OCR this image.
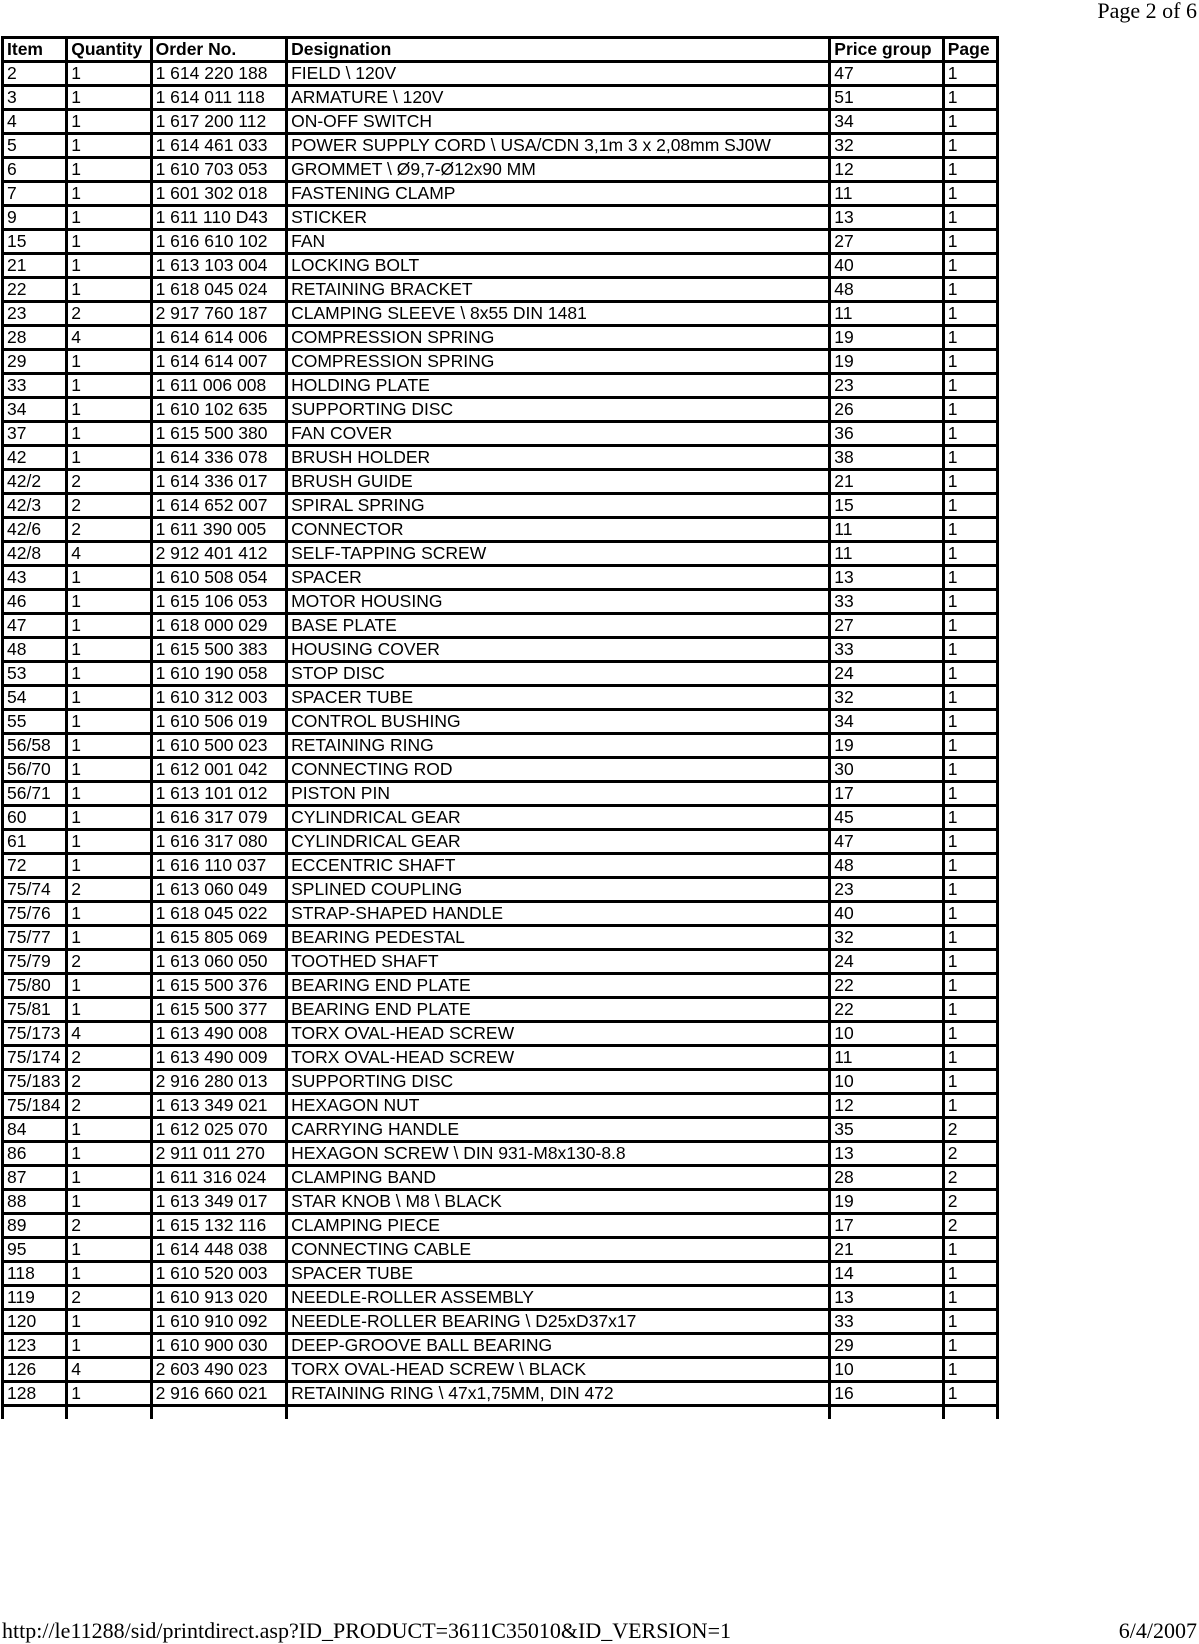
Page 2 of 6
Item	Quantity	Order No.	Designation	Price group	Page
2	1	1 614 220 188	FIELD \ 120V	47	1
3	1	1 614 011 118	ARMATURE \ 120V	51	1
4	1	1 617 200 112	ON-OFF SWITCH	34	1
5	1	1 614 461 033	POWER SUPPLY CORD \ USA/CDN 3,1m 3 x 2,08mm SJ0W	32	1
6	1	1 610 703 053	GROMMET \ Ø9,7-Ø12x90 MM	12	1
7	1	1 601 302 018	FASTENING CLAMP	11	1
9	1	1 611 110 D43	STICKER	13	1
15	1	1 616 610 102	FAN	27	1
21	1	1 613 103 004	LOCKING BOLT	40	1
22	1	1 618 045 024	RETAINING BRACKET	48	1
23	2	2 917 760 187	CLAMPING SLEEVE \ 8x55 DIN 1481	11	1
28	4	1 614 614 006	COMPRESSION SPRING	19	1
29	1	1 614 614 007	COMPRESSION SPRING	19	1
33	1	1 611 006 008	HOLDING PLATE	23	1
34	1	1 610 102 635	SUPPORTING DISC	26	1
37	1	1 615 500 380	FAN COVER	36	1
42	1	1 614 336 078	BRUSH HOLDER	38	1
42/2	2	1 614 336 017	BRUSH GUIDE	21	1
42/3	2	1 614 652 007	SPIRAL SPRING	15	1
42/6	2	1 611 390 005	CONNECTOR	11	1
42/8	4	2 912 401 412	SELF-TAPPING SCREW	11	1
43	1	1 610 508 054	SPACER	13	1
46	1	1 615 106 053	MOTOR HOUSING	33	1
47	1	1 618 000 029	BASE PLATE	27	1
48	1	1 615 500 383	HOUSING COVER	33	1
53	1	1 610 190 058	STOP DISC	24	1
54	1	1 610 312 003	SPACER TUBE	32	1
55	1	1 610 506 019	CONTROL BUSHING	34	1
56/58	1	1 610 500 023	RETAINING RING	19	1
56/70	1	1 612 001 042	CONNECTING ROD	30	1
56/71	1	1 613 101 012	PISTON PIN	17	1
60	1	1 616 317 079	CYLINDRICAL GEAR	45	1
61	1	1 616 317 080	CYLINDRICAL GEAR	47	1
72	1	1 616 110 037	ECCENTRIC SHAFT	48	1
75/74	2	1 613 060 049	SPLINED COUPLING	23	1
75/76	1	1 618 045 022	STRAP-SHAPED HANDLE	40	1
75/77	1	1 615 805 069	BEARING PEDESTAL	32	1
75/79	2	1 613 060 050	TOOTHED SHAFT	24	1
75/80	1	1 615 500 376	BEARING END PLATE	22	1
75/81	1	1 615 500 377	BEARING END PLATE	22	1
75/173	4	1 613 490 008	TORX OVAL-HEAD SCREW	10	1
75/174	2	1 613 490 009	TORX OVAL-HEAD SCREW	11	1
75/183	2	2 916 280 013	SUPPORTING DISC	10	1
75/184	2	1 613 349 021	HEXAGON NUT	12	1
84	1	1 612 025 070	CARRYING HANDLE	35	2
86	1	2 911 011 270	HEXAGON SCREW \ DIN 931-M8x130-8.8	13	2
87	1	1 611 316 024	CLAMPING BAND	28	2
88	1	1 613 349 017	STAR KNOB \ M8 \ BLACK	19	2
89	2	1 615 132 116	CLAMPING PIECE	17	2
95	1	1 614 448 038	CONNECTING CABLE	21	1
118	1	1 610 520 003	SPACER TUBE	14	1
119	2	1 610 913 020	NEEDLE-ROLLER ASSEMBLY	13	1
120	1	1 610 910 092	NEEDLE-ROLLER BEARING \ D25xD37x17	33	1
123	1	1 610 900 030	DEEP-GROOVE BALL BEARING	29	1
126	4	2 603 490 023	TORX OVAL-HEAD SCREW \ BLACK	10	1
128	1	2 916 660 021	RETAINING RING \ 47x1,75MM, DIN 472	16	1

http://le11288/sid/printdirect.asp?ID_PRODUCT=3611C35010&ID_VERSION=1	6/4/2007
